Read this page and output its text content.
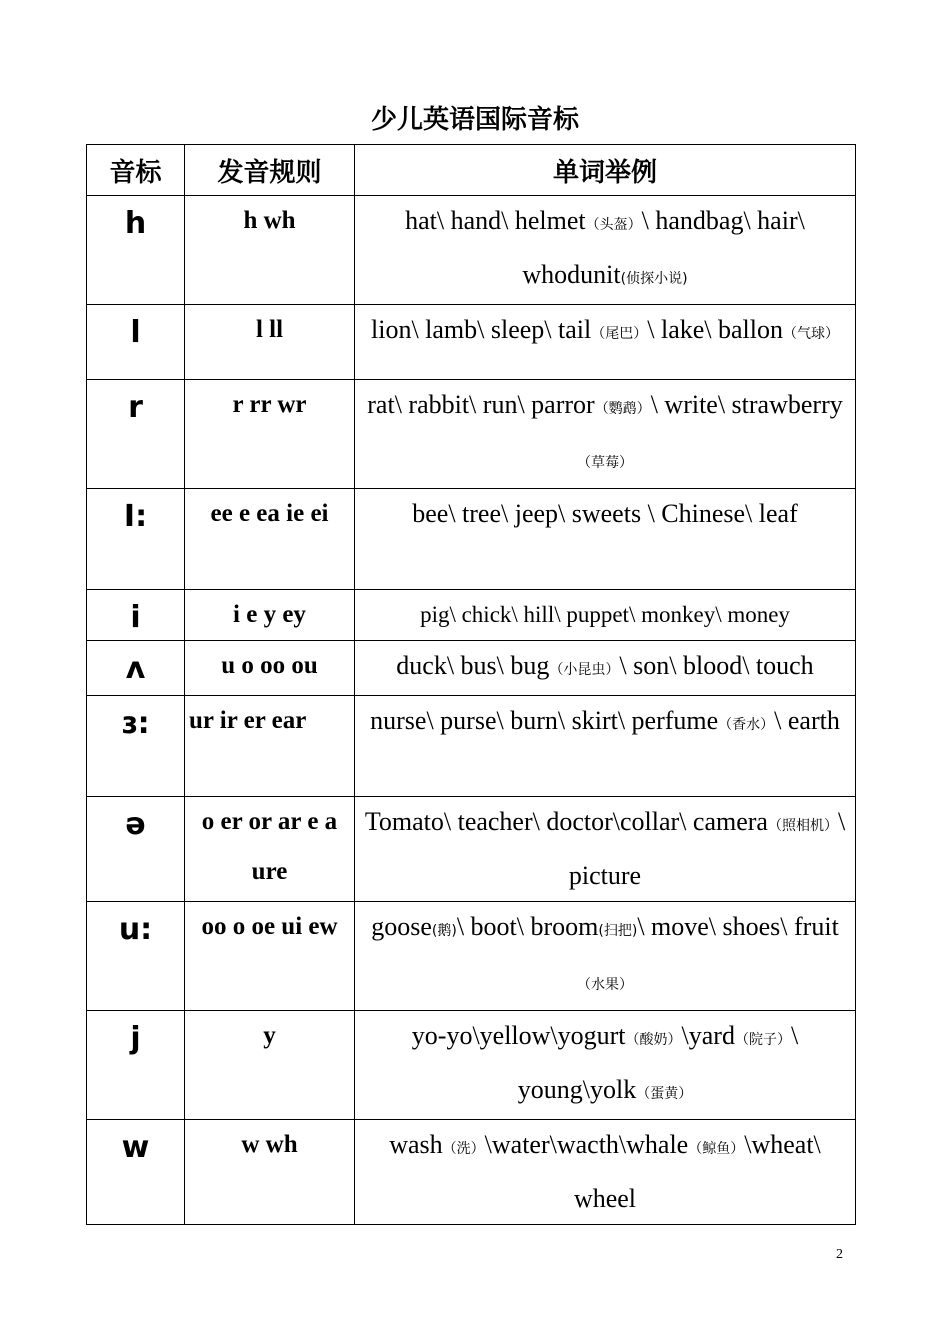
少儿英语国际音标
音标	发音规则	单词举例
h	h wh	hat\ hand\ helmet（头盔）\ handbag\ hair\ whodunit(侦探小说)
l	l ll	lion\ lamb\ sleep\ tail（尾巴）\ lake\ ballon（气球）
r	r rr wr	rat\ rabbit\ run\ parror（鹦鹉）\ write\ strawberry（草莓）
I:	ee e ea ie ei	bee\ tree\ jeep\ sweets \ Chinese\ leaf
i	i e y ey	pig\ chick\ hill\ puppet\ monkey\ money
ʌ	u o oo ou	duck\ bus\ bug（小昆虫）\ son\ blood\ touch
ɜ:	ur ir er ear	nurse\ purse\ burn\ skirt\ perfume（香水）\ earth
ə	o er or ar e a ure	Tomato\ teacher\ doctor\collar\ camera（照相机）\ picture
u:	oo o oe ui ew	goose(鹅)\ boot\ broom(扫把)\ move\ shoes\ fruit（水果）
j	y	yo-yo\yellow\yogurt（酸奶）\yard（院子）\ young\yolk（蛋黄）
w	w wh	wash（洗）\water\wacth\whale（鲸鱼）\wheat\ wheel
2
